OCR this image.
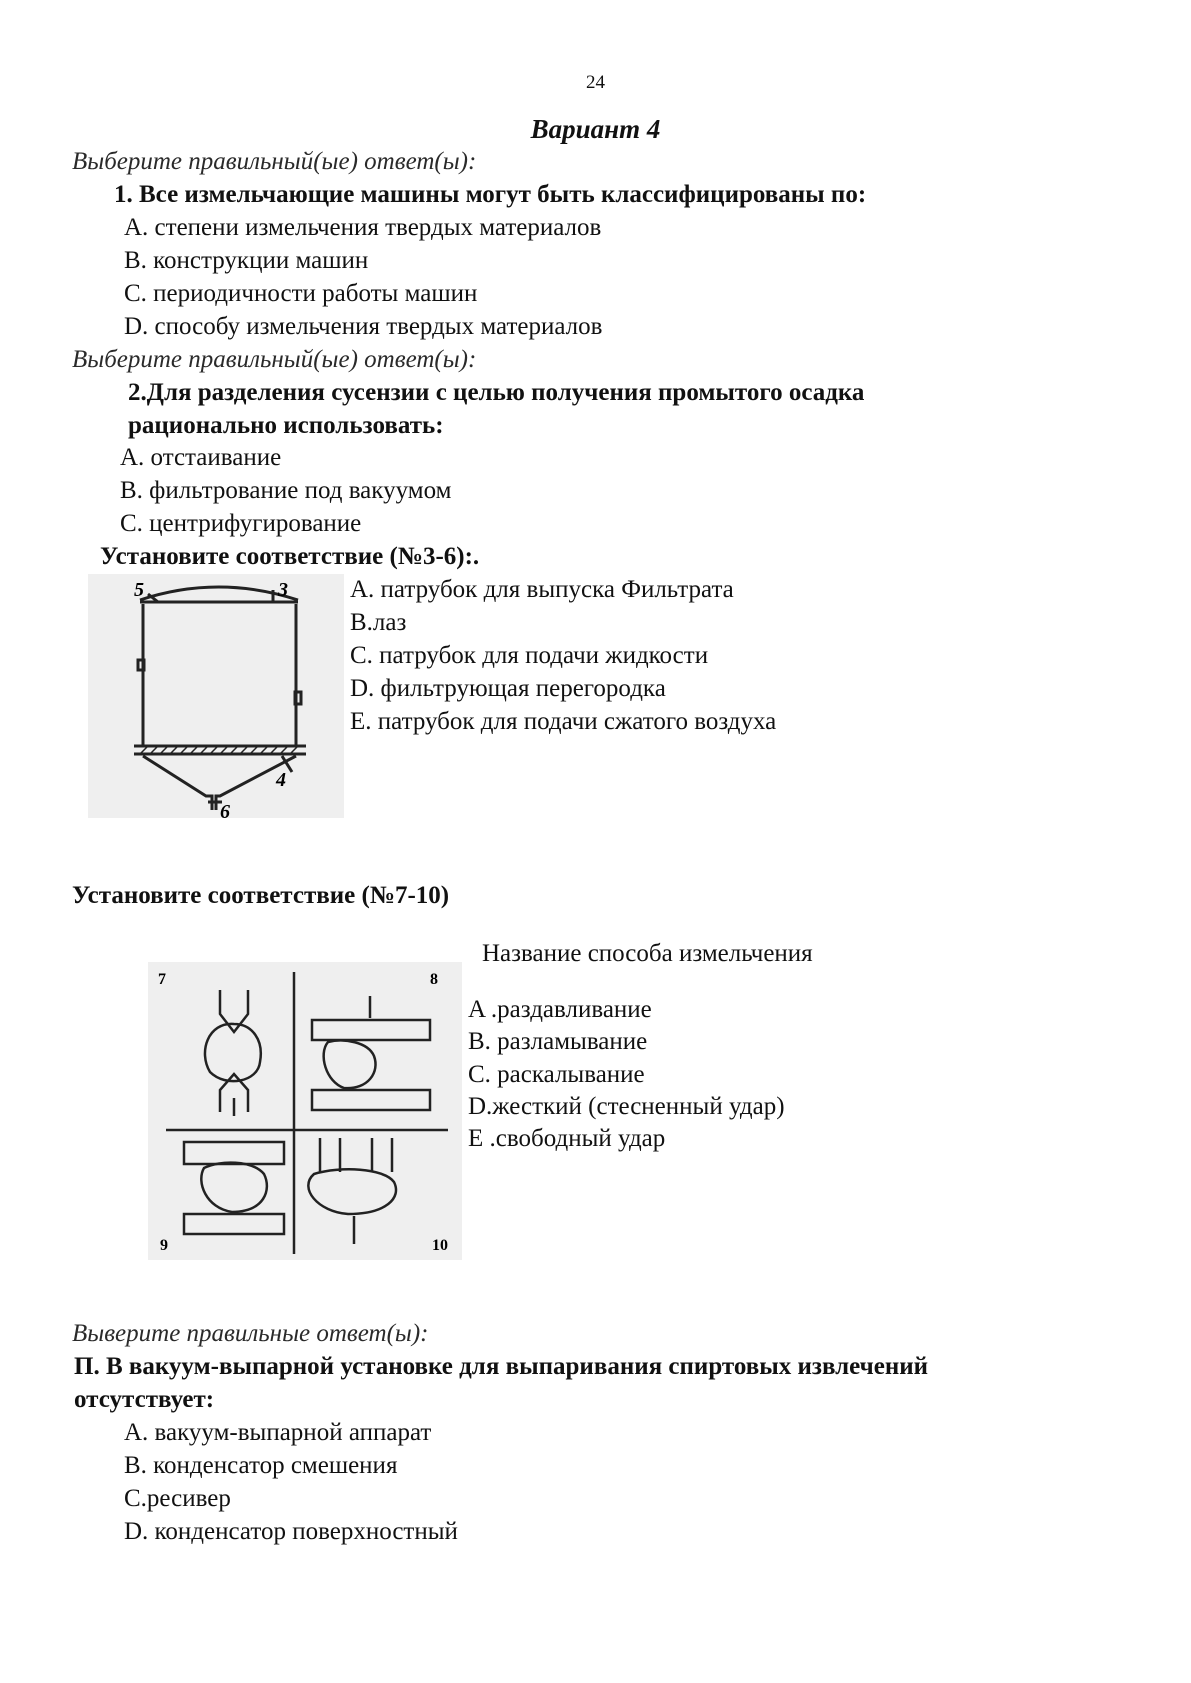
24
Вариант 4
Выберите правильный(ые) ответ(ы):
1. Все измельчающие машины могут быть классифицированы по:
A. степени измельчения твердых материалов
B. конструкции машин
C. периодичности работы машин
D. способу измельчения твердых материалов
Выберите правильный(ые) ответ(ы):
2.Для разделения сусензии с целью получения промытого осадка
рационально использовать:
A. отстаивание
B. фильтрование под вакуумом
C. центрифугирование
Установите соответствие (№3-6):.
5	3
4
6
A. патрубок для выпуска Фильтрата
B.лаз
C. патрубок для подачи жидкости
D. фильтрующая перегородка
E. патрубок для подачи сжатого воздуха
Установите соответствие (№7-10)
Название способа измельчения
7	8
9	10
A .раздавливание
B. разламывание
C. раскалывание
D.жесткий (стесненный удар)
E .свободный удар
Выверите правильные ответ(ы):
П. В вакуум-выпарной установке для выпаривания спиртовых извлечений
отсутствует:
A. вакуум-выпарной аппарат
B. конденсатор смешения
C.ресивер
D. конденсатор поверхностный
